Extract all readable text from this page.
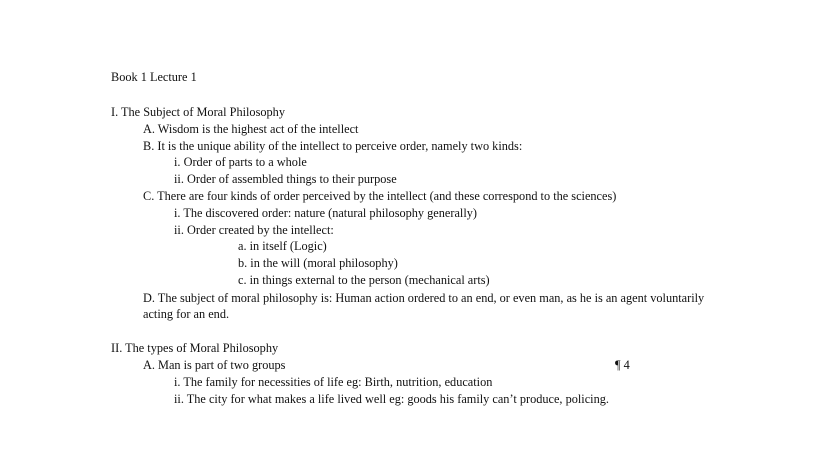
Book 1 Lecture 1
I. The Subject of Moral Philosophy
A. Wisdom is the highest act of the intellect
B. It is the unique ability of the intellect to perceive order, namely two kinds:
i. Order of parts to a whole
ii. Order of assembled things to their purpose
C. There are four kinds of order perceived by the intellect (and these correspond to the sciences)
i. The discovered order: nature (natural philosophy generally)
ii. Order created by the intellect:
a. in itself (Logic)
b. in the will (moral philosophy)
c. in things external to the person (mechanical arts)
D. The subject of moral philosophy is: Human action ordered to an end, or even man, as he is an agent voluntarily
acting for an end.
II. The types of Moral Philosophy
A. Man is part of two groups	¶ 4
i. The family for necessities of life eg: Birth, nutrition, education
ii. The city for what makes a life lived well eg: goods his family can’t produce, policing.
